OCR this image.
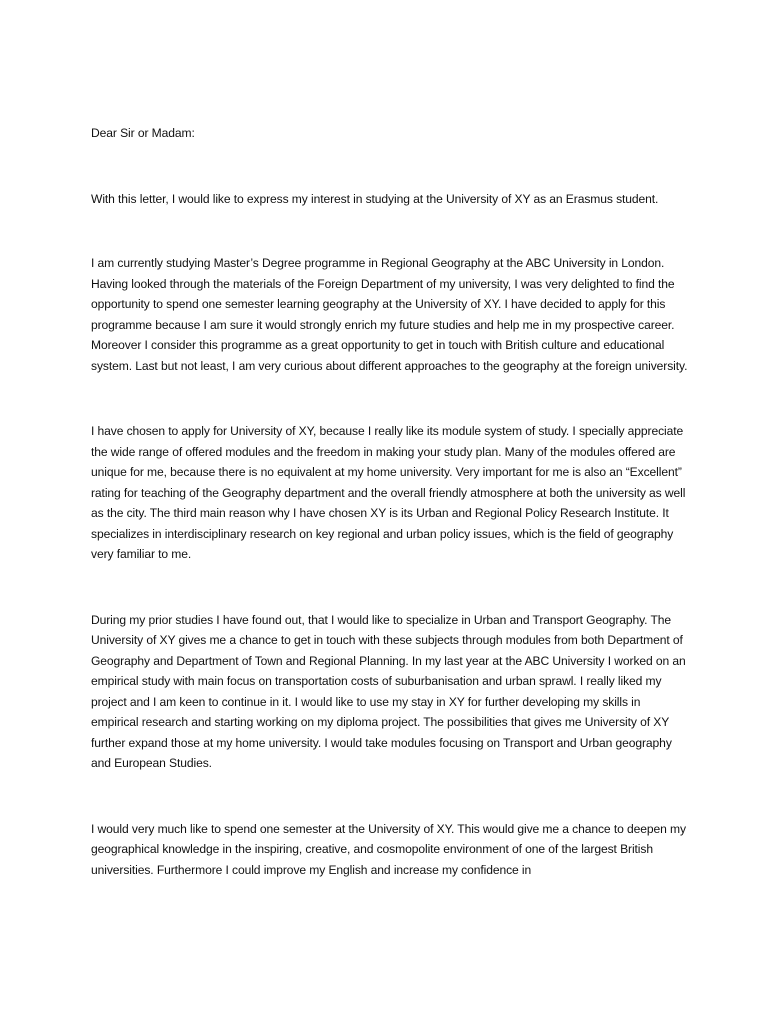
Dear Sir or Madam:

With this letter, I would like to express my interest in studying at the University of XY as an Erasmus student.

I am currently studying Master’s Degree programme in Regional Geography at the ABC University in London. Having looked through the materials of the Foreign Department of my university, I was very delighted to find the opportunity to spend one semester learning geography at the University of XY. I have decided to apply for this programme because I am sure it would strongly enrich my future studies and help me in my prospective career. Moreover I consider this programme as a great opportunity to get in touch with British culture and educational system. Last but not least, I am very curious about different approaches to the geography at the foreign university.

I have chosen to apply for University of XY, because I really like its module system of study. I specially appreciate the wide range of offered modules and the freedom in making your study plan. Many of the modules offered are unique for me, because there is no equivalent at my home university. Very important for me is also an “Excellent” rating for teaching of the Geography department and the overall friendly atmosphere at both the university as well as the city. The third main reason why I have chosen XY is its Urban and Regional Policy Research Institute. It specializes in interdisciplinary research on key regional and urban policy issues, which is the field of geography very familiar to me.

During my prior studies I have found out, that I would like to specialize in Urban and Transport Geography. The University of XY gives me a chance to get in touch with these subjects through modules from both Department of Geography and Department of Town and Regional Planning. In my last year at the ABC University I worked on an empirical study with main focus on transportation costs of suburbanisation and urban sprawl. I really liked my project and I am keen to continue in it. I would like to use my stay in XY for further developing my skills in empirical research and starting working on my diploma project. The possibilities that gives me University of XY further expand those at my home university. I would take modules focusing on Transport and Urban geography and European Studies.

I would very much like to spend one semester at the University of XY. This would give me a chance to deepen my geographical knowledge in the inspiring, creative, and cosmopolite environment of one of the largest British universities. Furthermore I could improve my English and increase my confidence in
